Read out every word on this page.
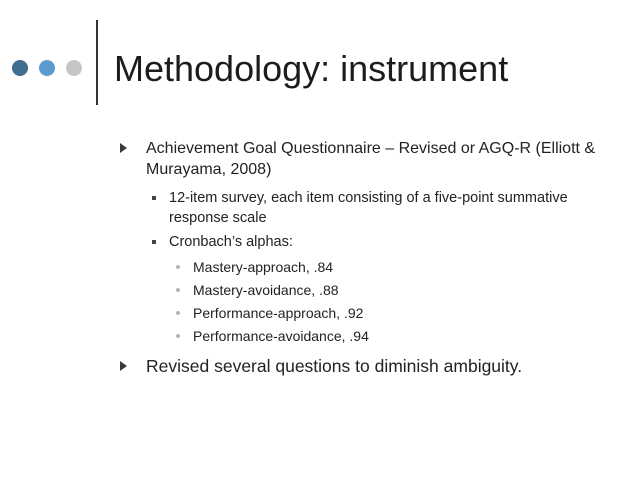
Methodology: instrument
Achievement Goal Questionnaire – Revised or AGQ-R (Elliott & Murayama, 2008)
12-item survey, each item consisting of a five-point summative response scale
Cronbach’s alphas:
Mastery-approach, .84
Mastery-avoidance, .88
Performance-approach, .92
Performance-avoidance, .94
Revised several questions to diminish ambiguity.
